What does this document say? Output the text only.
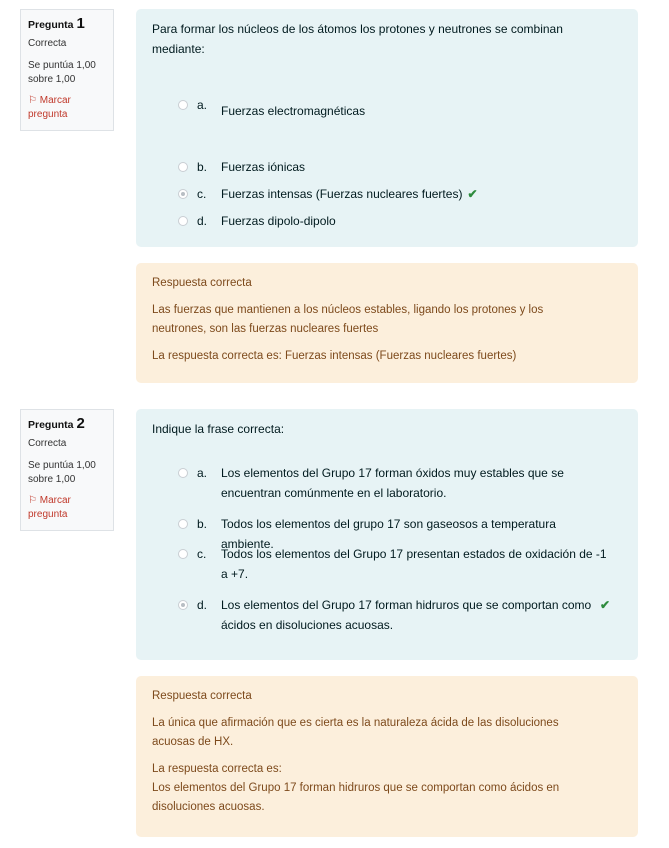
Pregunta 1
Correcta
Se puntúa 1,00
sobre 1,00
⚐ Marcar
pregunta
Para formar los núcleos de los átomos los protones y neutrones se combinan mediante:
a.	Fuerzas electromagnéticas
b.	Fuerzas iónicas
c.	Fuerzas intensas (Fuerzas nucleares fuertes) ✔
d.	Fuerzas dipolo-dipolo

Respuesta correcta

Las fuerzas que mantienen a los núcleos estables, ligando los protones y los neutrones, son las fuerzas nucleares fuertes

La respuesta correcta es: Fuerzas intensas (Fuerzas nucleares fuertes)

Pregunta 2
Correcta
Se puntúa 1,00
sobre 1,00
⚐ Marcar
pregunta
Indique la frase correcta:
a.	Los elementos del Grupo 17 forman óxidos muy estables que se encuentran comúnmente en el laboratorio.
b.	Todos los elementos del grupo 17 son gaseosos a temperatura ambiente.
c.	Todos los elementos del Grupo 17 presentan estados de oxidación de -1 a +7.
d.	Los elementos del Grupo 17 forman hidruros que se comportan como ácidos en disoluciones acuosas.
✔

Respuesta correcta

La única que afirmación que es cierta es la naturaleza ácida de las disoluciones acuosas de HX.

La respuesta correcta es:

Los elementos del Grupo 17 forman hidruros que se comportan como ácidos en disoluciones acuosas.
